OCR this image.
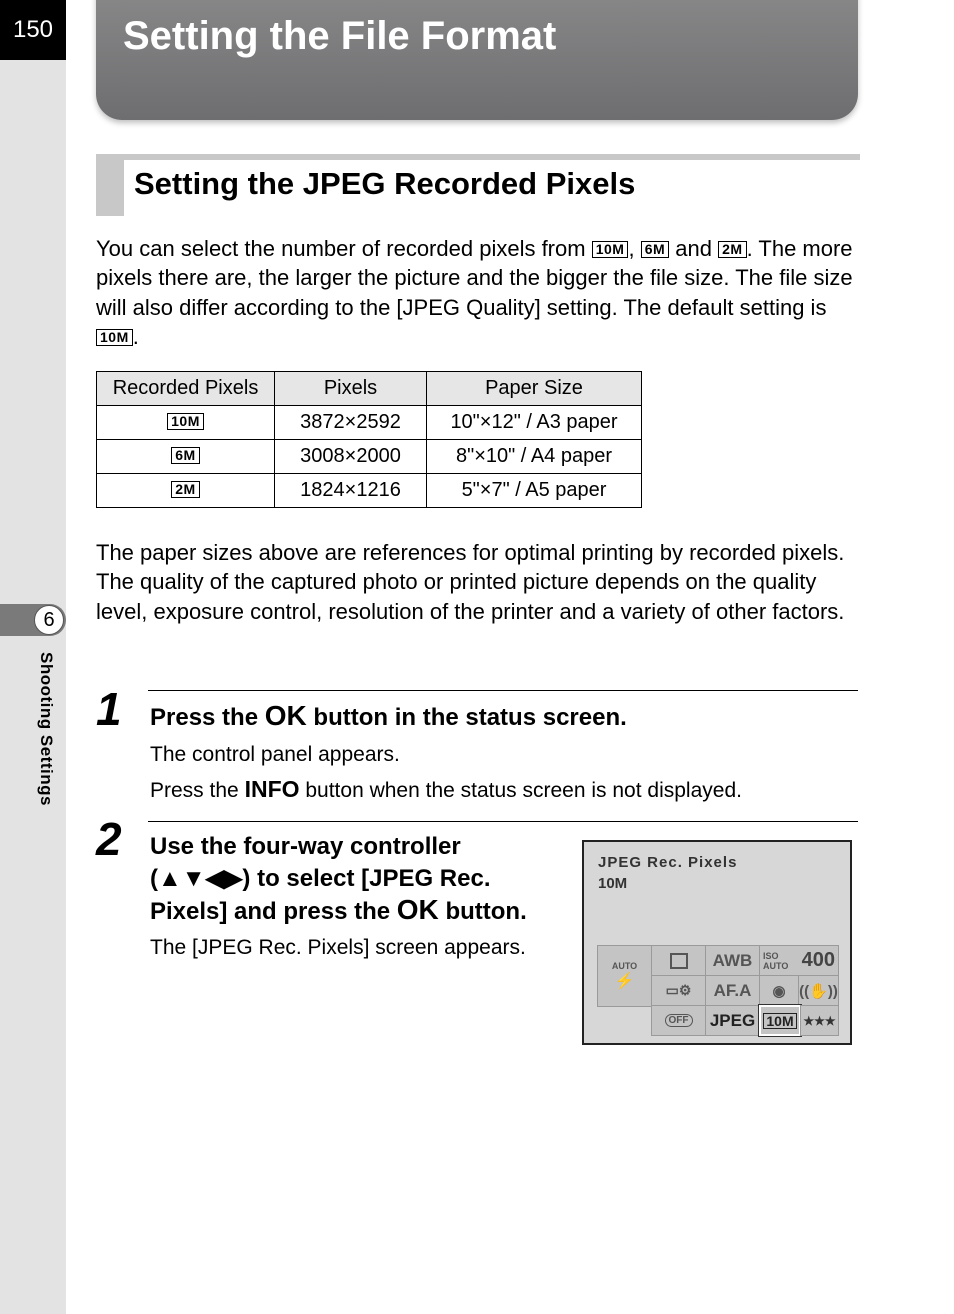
150
6
Shooting Settings
Setting the File Format
Setting the JPEG Recorded Pixels

You can select the number of recorded pixels from 10M , 6M and 2M . The more pixels there are, the larger the picture and the bigger the file size. The file size will also differ according to the [JPEG Quality] setting. The default setting is 10M .

Recorded Pixels	Pixels	Paper Size
10M	3872×2592	10"×12" / A3 paper
6M	3008×2000	8"×10" / A4 paper
2M	1824×1216	5"×7" / A5 paper

The paper sizes above are references for optimal printing by recorded pixels. The quality of the captured photo or printed picture depends on the quality level, exposure control, resolution of the printer and a variety of other factors.

1 Press the OK button in the status screen.

The control panel appears.

Press the INFO button when the status screen is not displayed.

2 Use the four-way controller
(▲▼◀▶) to select [JPEG Rec.
Pixels] and press the OK button.

The [JPEG Rec. Pixels] screen appears.

JPEG Rec. Pixels
10M
AUTO
⚡
AWB	ISO
AUTO 400
▭⚙	AF.A	◉ ((✋))
OFF JPEG 10M ★★★
